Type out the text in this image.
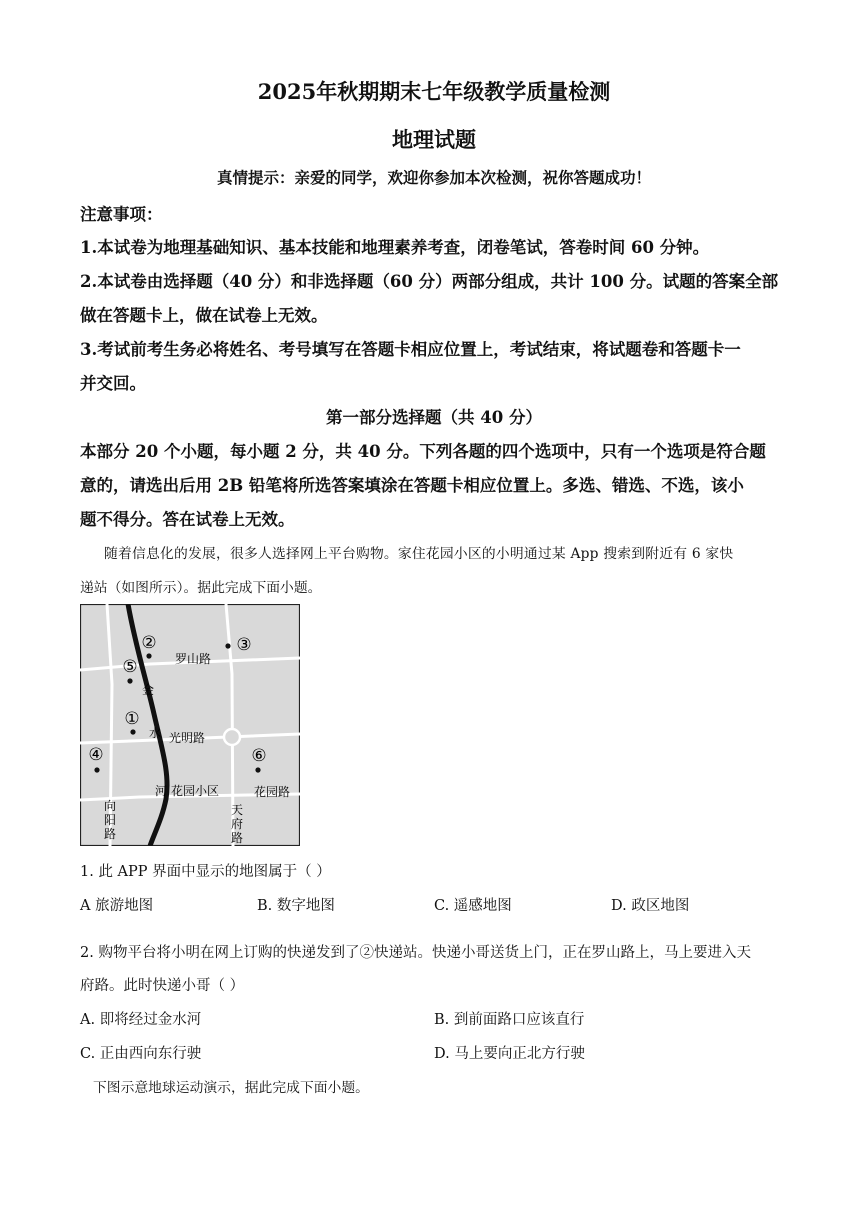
2025年秋期期末七年级教学质量检测
地理试题
真情提示：亲爱的同学，欢迎你参加本次检测，祝你答题成功！
注意事项：
1.本试卷为地理基础知识、基本技能和地理素养考查，闭卷笔试，答卷时间 60 分钟。
2.本试卷由选择题（40 分）和非选择题（60 分）两部分组成，共计 100 分。试题的答案全部
做在答题卡上，做在试卷上无效。
3.考试前考生务必将姓名、考号填写在答题卡相应位置上，考试结束，将试题卷和答题卡一
并交回。
第一部分选择题（共 40 分）
本部分 20 个小题，每小题 2 分，共 40 分。下列各题的四个选项中，只有一个选项是符合题
意的，请选出后用 2B 铅笔将所选答案填涂在答题卡相应位置上。多选、错选、不选，该小
题不得分。答在试卷上无效。
随着信息化的发展，很多人选择网上平台购物。家住花园小区的小明通过某 App 搜索到附近有 6 家快
递站（如图所示）。据此完成下面小题。
②	③
⑤
①
④	⑥
罗山路
光明路
花园路
向
阳
路
天
府
路
金
水
河 花园小区
1. 此 APP 界面中显示的地图属于（ ）
A 旅游地图	B. 数字地图	C. 遥感地图	D. 政区地图
2. 购物平台将小明在网上订购的快递发到了②快递站。快递小哥送货上门，正在罗山路上，马上要进入天
府路。此时快递小哥（ ）
A. 即将经过金水河	B. 到前面路口应该直行
C. 正由西向东行驶	D. 马上要向正北方行驶
下图示意地球运动演示，据此完成下面小题。
